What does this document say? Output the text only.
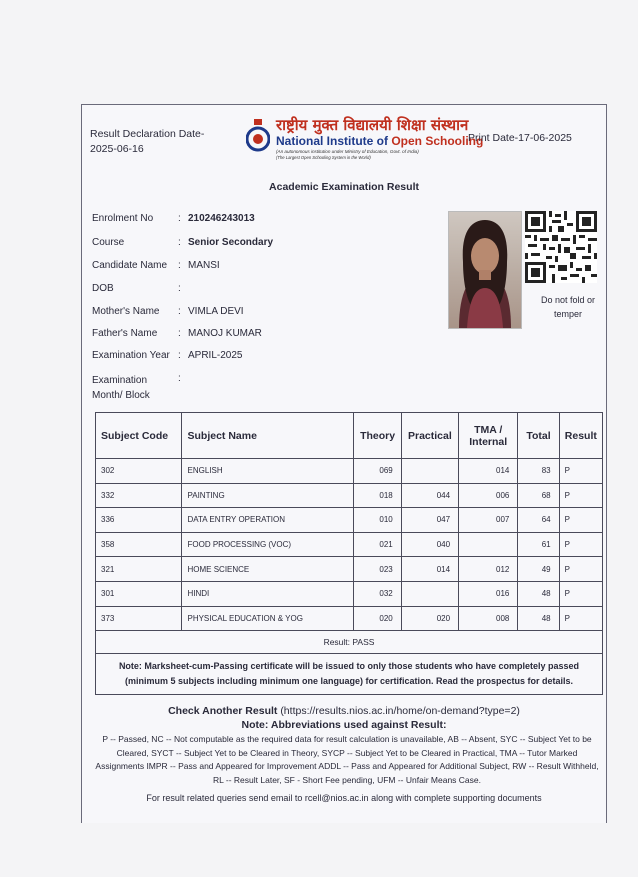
Result Declaration Date-
2025-06-16
राष्ट्रीय मुक्त विद्यालयी शिक्षा संस्थान
National Institute of Open Schooling
(An autonomous institution under Ministry of Education, Govt. of India)
(The Largest Open Schooling System in the World)
Print Date-17-06-2025
Academic Examination Result
Enrolment No	: 210246243013
Course	: Senior Secondary
Candidate Name	: MANSI
DOB	:
Mother's Name	: VIMLA DEVI
Father's Name	: MANOJ KUMAR
Examination Year : APRIL-2025
Examination Month/ Block
:
Do not fold or temper
Subject Code	Subject Name	Theory	Practical	TMA / Internal	Total	Result
302	ENGLISH	069		014	83	P
332	PAINTING	018	044	006	68	P
336	DATA ENTRY OPERATION	010	047	007	64	P
358	FOOD PROCESSING (VOC)	021	040		61	P
321	HOME SCIENCE	023	014	012	49	P
301	HINDI	032		016	48	P
373	PHYSICAL EDUCATION & YOG	020	020	008	48	P
Result: PASS						
Note: Marksheet-cum-Passing certificate will be issued to only those students who have completely passed (minimum 5 subjects including minimum one language) for certification. Read the prospectus for details.						
Check Another Result (https://results.nios.ac.in/home/on-demand?type=2)
Note: Abbreviations used against Result:
P -- Passed, NC -- Not computable as the required data for result calculation is unavailable, AB -- Absent, SYC -- Subject Yet to be Cleared, SYCT -- Subject Yet to be Cleared in Theory, SYCP -- Subject Yet to be Cleared in Practical, TMA -- Tutor Marked Assignments IMPR -- Pass and Appeared for Improvement ADDL -- Pass and Appeared for Additional Subject, RW -- Result Withheld, RL -- Result Later, SF - Short Fee pending, UFM -- Unfair Means Case.
For result related queries send email to rcell@nios.ac.in along with complete supporting documents
